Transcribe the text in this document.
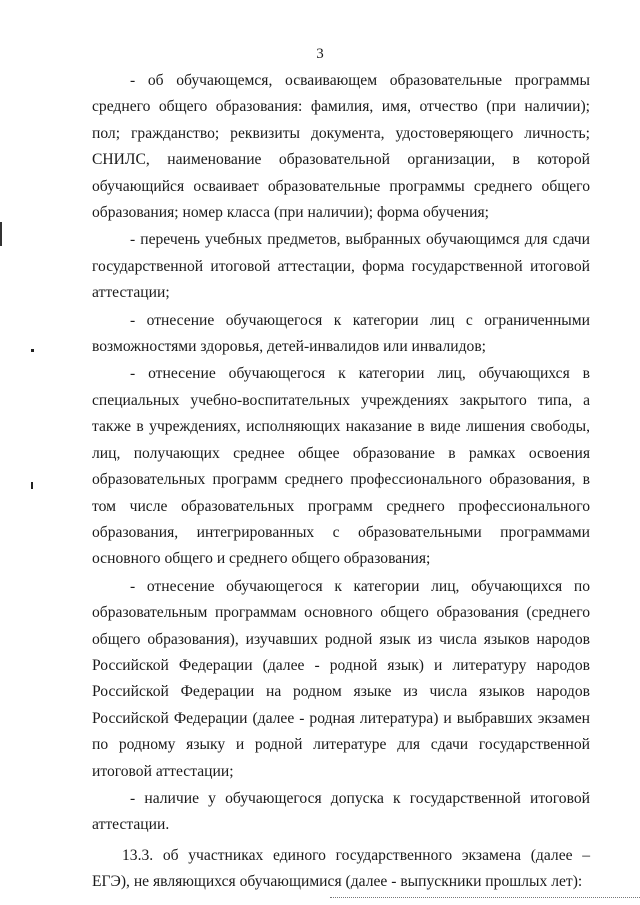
3

- об обучающемся, осваивающем образовательные программы среднего общего образования: фамилия, имя, отчество (при наличии); пол; гражданство; реквизиты документа, удостоверяющего личность; СНИЛС, наименование образовательной организации, в которой обучающийся осваивает образовательные программы среднего общего образования; номер класса (при наличии); форма обучения;

- перечень учебных предметов, выбранных обучающимся для сдачи государственной итоговой аттестации, форма государственной итоговой аттестации;

- отнесение обучающегося к категории лиц с ограниченными возможностями здоровья, детей-инвалидов или инвалидов;

- отнесение обучающегося к категории лиц, обучающихся в специальных учебно-воспитательных учреждениях закрытого типа, а также в учреждениях, исполняющих наказание в виде лишения свободы, лиц, получающих среднее общее образование в рамках освоения образовательных программ среднего профессионального образования, в том числе образовательных программ среднего профессионального образования, интегрированных с образовательными программами основного общего и среднего общего образования;

- отнесение обучающегося к категории лиц, обучающихся по образовательным программам основного общего образования (среднего общего образования), изучавших родной язык из числа языков народов Российской Федерации (далее - родной язык) и литературу народов Российской Федерации на родном языке из числа языков народов Российской Федерации (далее - родная литература) и выбравших экзамен по родному языку и родной литературе для сдачи государственной итоговой аттестации;

- наличие у обучающегося допуска к государственной итоговой аттестации.

13.3. об участниках единого государственного экзамена (далее – ЕГЭ), не являющихся обучающимися (далее - выпускники прошлых лет):
